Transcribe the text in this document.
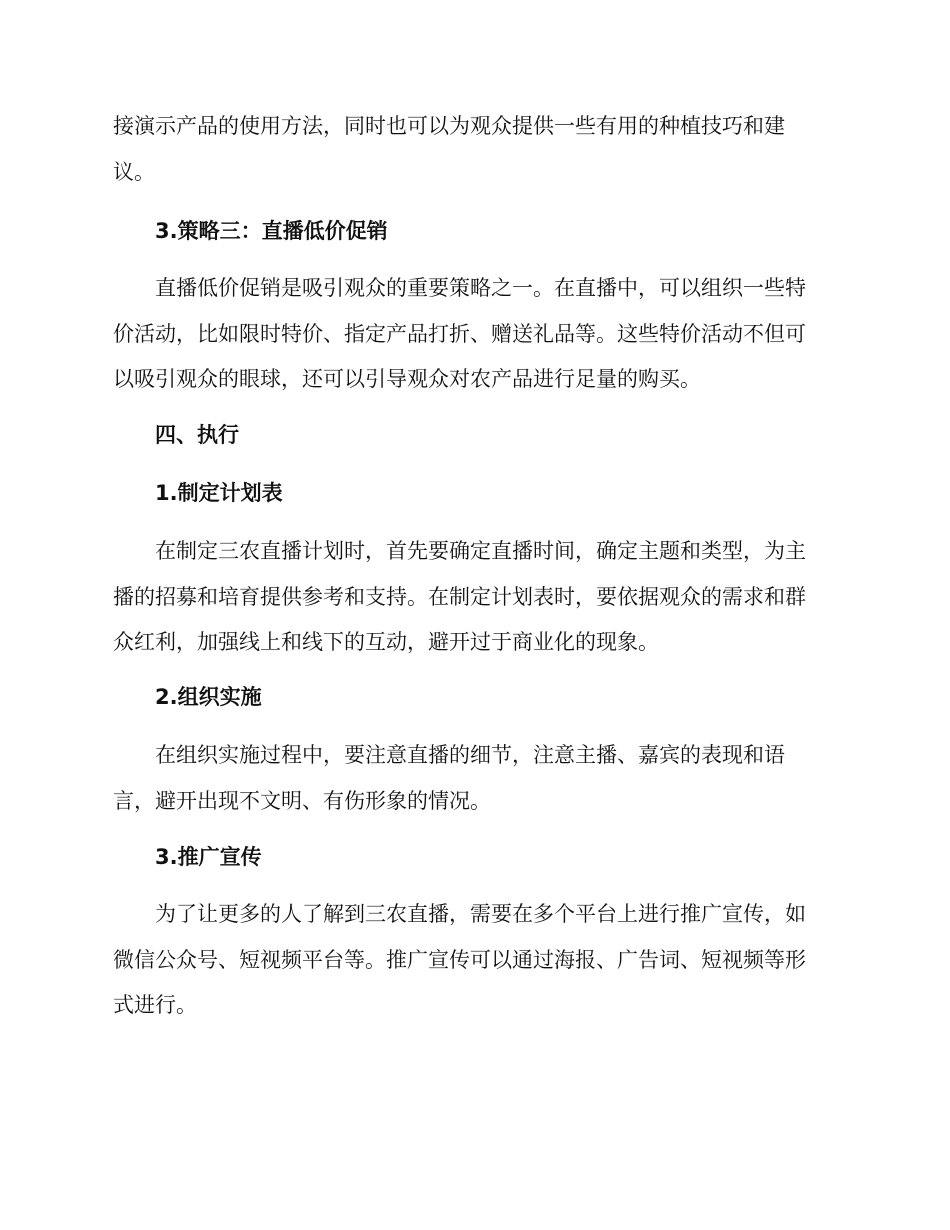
接演示产品的使用方法，同时也可以为观众提供一些有用的种植技巧和建
议。

3.策略三：直播低价促销

直播低价促销是吸引观众的重要策略之一。在直播中，可以组织一些特
价活动，比如限时特价、指定产品打折、赠送礼品等。这些特价活动不但可
以吸引观众的眼球，还可以引导观众对农产品进行足量的购买。

四、执行

1.制定计划表

在制定三农直播计划时，首先要确定直播时间，确定主题和类型，为主
播的招募和培育提供参考和支持。在制定计划表时，要依据观众的需求和群
众红利，加强线上和线下的互动，避开过于商业化的现象。

2.组织实施

在组织实施过程中，要注意直播的细节，注意主播、嘉宾的表现和语
言，避开出现不文明、有伤形象的情况。

3.推广宣传

为了让更多的人了解到三农直播，需要在多个平台上进行推广宣传，如
微信公众号、短视频平台等。推广宣传可以通过海报、广告词、短视频等形
式进行。
